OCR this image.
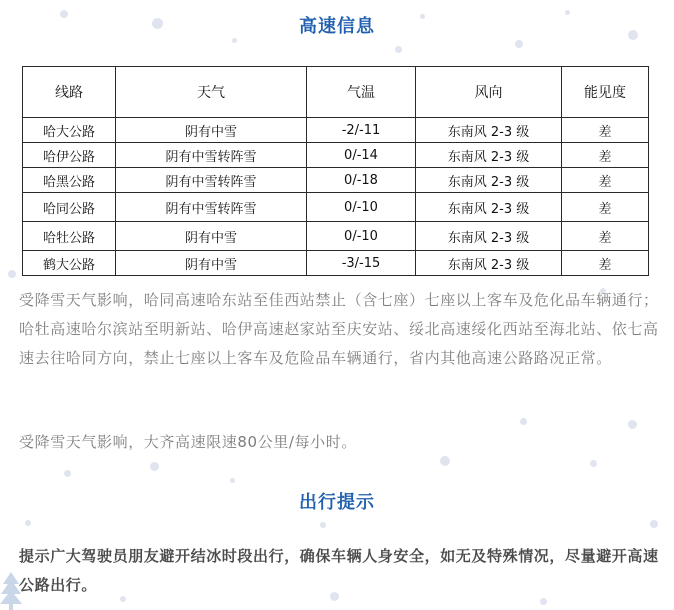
高速信息
线路	天气	气温	风向	能见度
哈大公路	阴有中雪	-2/-11	东南风 2-3 级	差
哈伊公路	阴有中雪转阵雪	0/-14	东南风 2-3 级	差
哈黑公路	阴有中雪转阵雪	0/-18	东南风 2-3 级	差
哈同公路	阴有中雪转阵雪	0/-10	东南风 2-3 级	差
哈牡公路	阴有中雪	0/-10	东南风 2-3 级	差
鹤大公路	阴有中雪	-3/-15	东南风 2-3 级	差
受降雪天气影响，哈同高速哈东站至佳西站禁止（含七座）七座以上客车及危化品车辆通行；哈牡高速哈尔滨站至明新站、哈伊高速赵家站至庆安站、绥北高速绥化西站至海北站、依七高速去往哈同方向，禁止七座以上客车及危险品车辆通行，省内其他高速公路路况正常。
受降雪天气影响，大齐高速限速80公里/每小时。
出行提示
提示广大驾驶员朋友避开结冰时段出行，确保车辆人身安全，如无及特殊情况，尽量避开高速公路出行。
